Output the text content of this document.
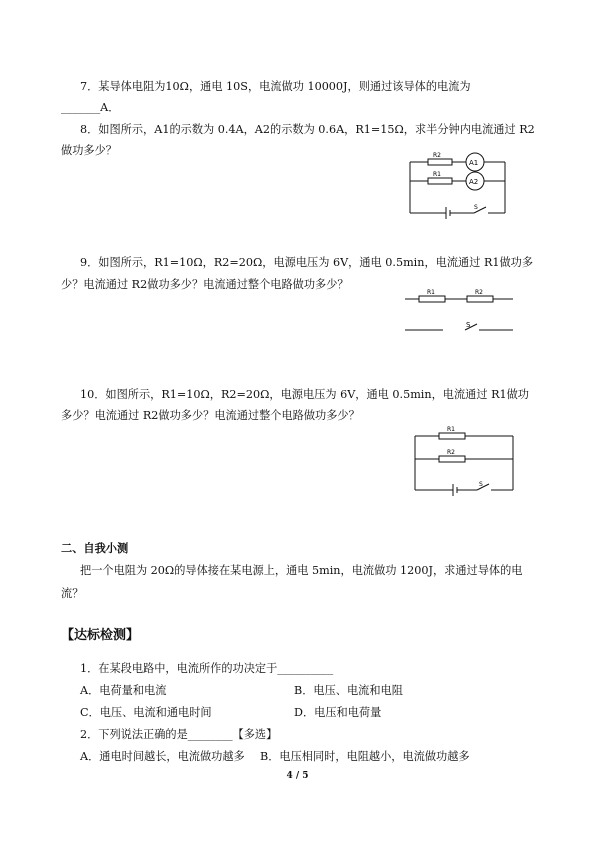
7．某导体电阻为10Ω，通电 10S，电流做功 10000J，则通过该导体的电流为
_______A．
8．如图所示，A1的示数为 0.4A，A2的示数为 0.6A，R1=15Ω，求半分钟内电流通过 R2
做功多少？	R2
R1
A1
A2
S
9．如图所示，R1=10Ω，R2=20Ω，电源电压为 6V，通电 0.5min，电流通过 R1做功多
少？电流通过 R2做功多少？电流通过整个电路做功多少？
R1	R2
S
10．如图所示，R1=10Ω，R2=20Ω，电源电压为 6V，通电 0.5min，电流通过 R1做功
多少？电流通过 R2做功多少？电流通过整个电路做功多少？
R1
R2
S
二、自我小测
把一个电阻为 20Ω的导体接在某电源上，通电 5min，电流做功 1200J，求通过导体的电
流？
【达标检测】
1．在某段电路中，电流所作的功决定于__________
A．电荷量和电流	B．电压、电流和电阻
C．电压、电流和通电时间	D．电压和电荷量
2．下列说法正确的是________【多选】
A．通电时间越长，电流做功越多 B．电压相同时，电阻越小，电流做功越多
4 / 5
